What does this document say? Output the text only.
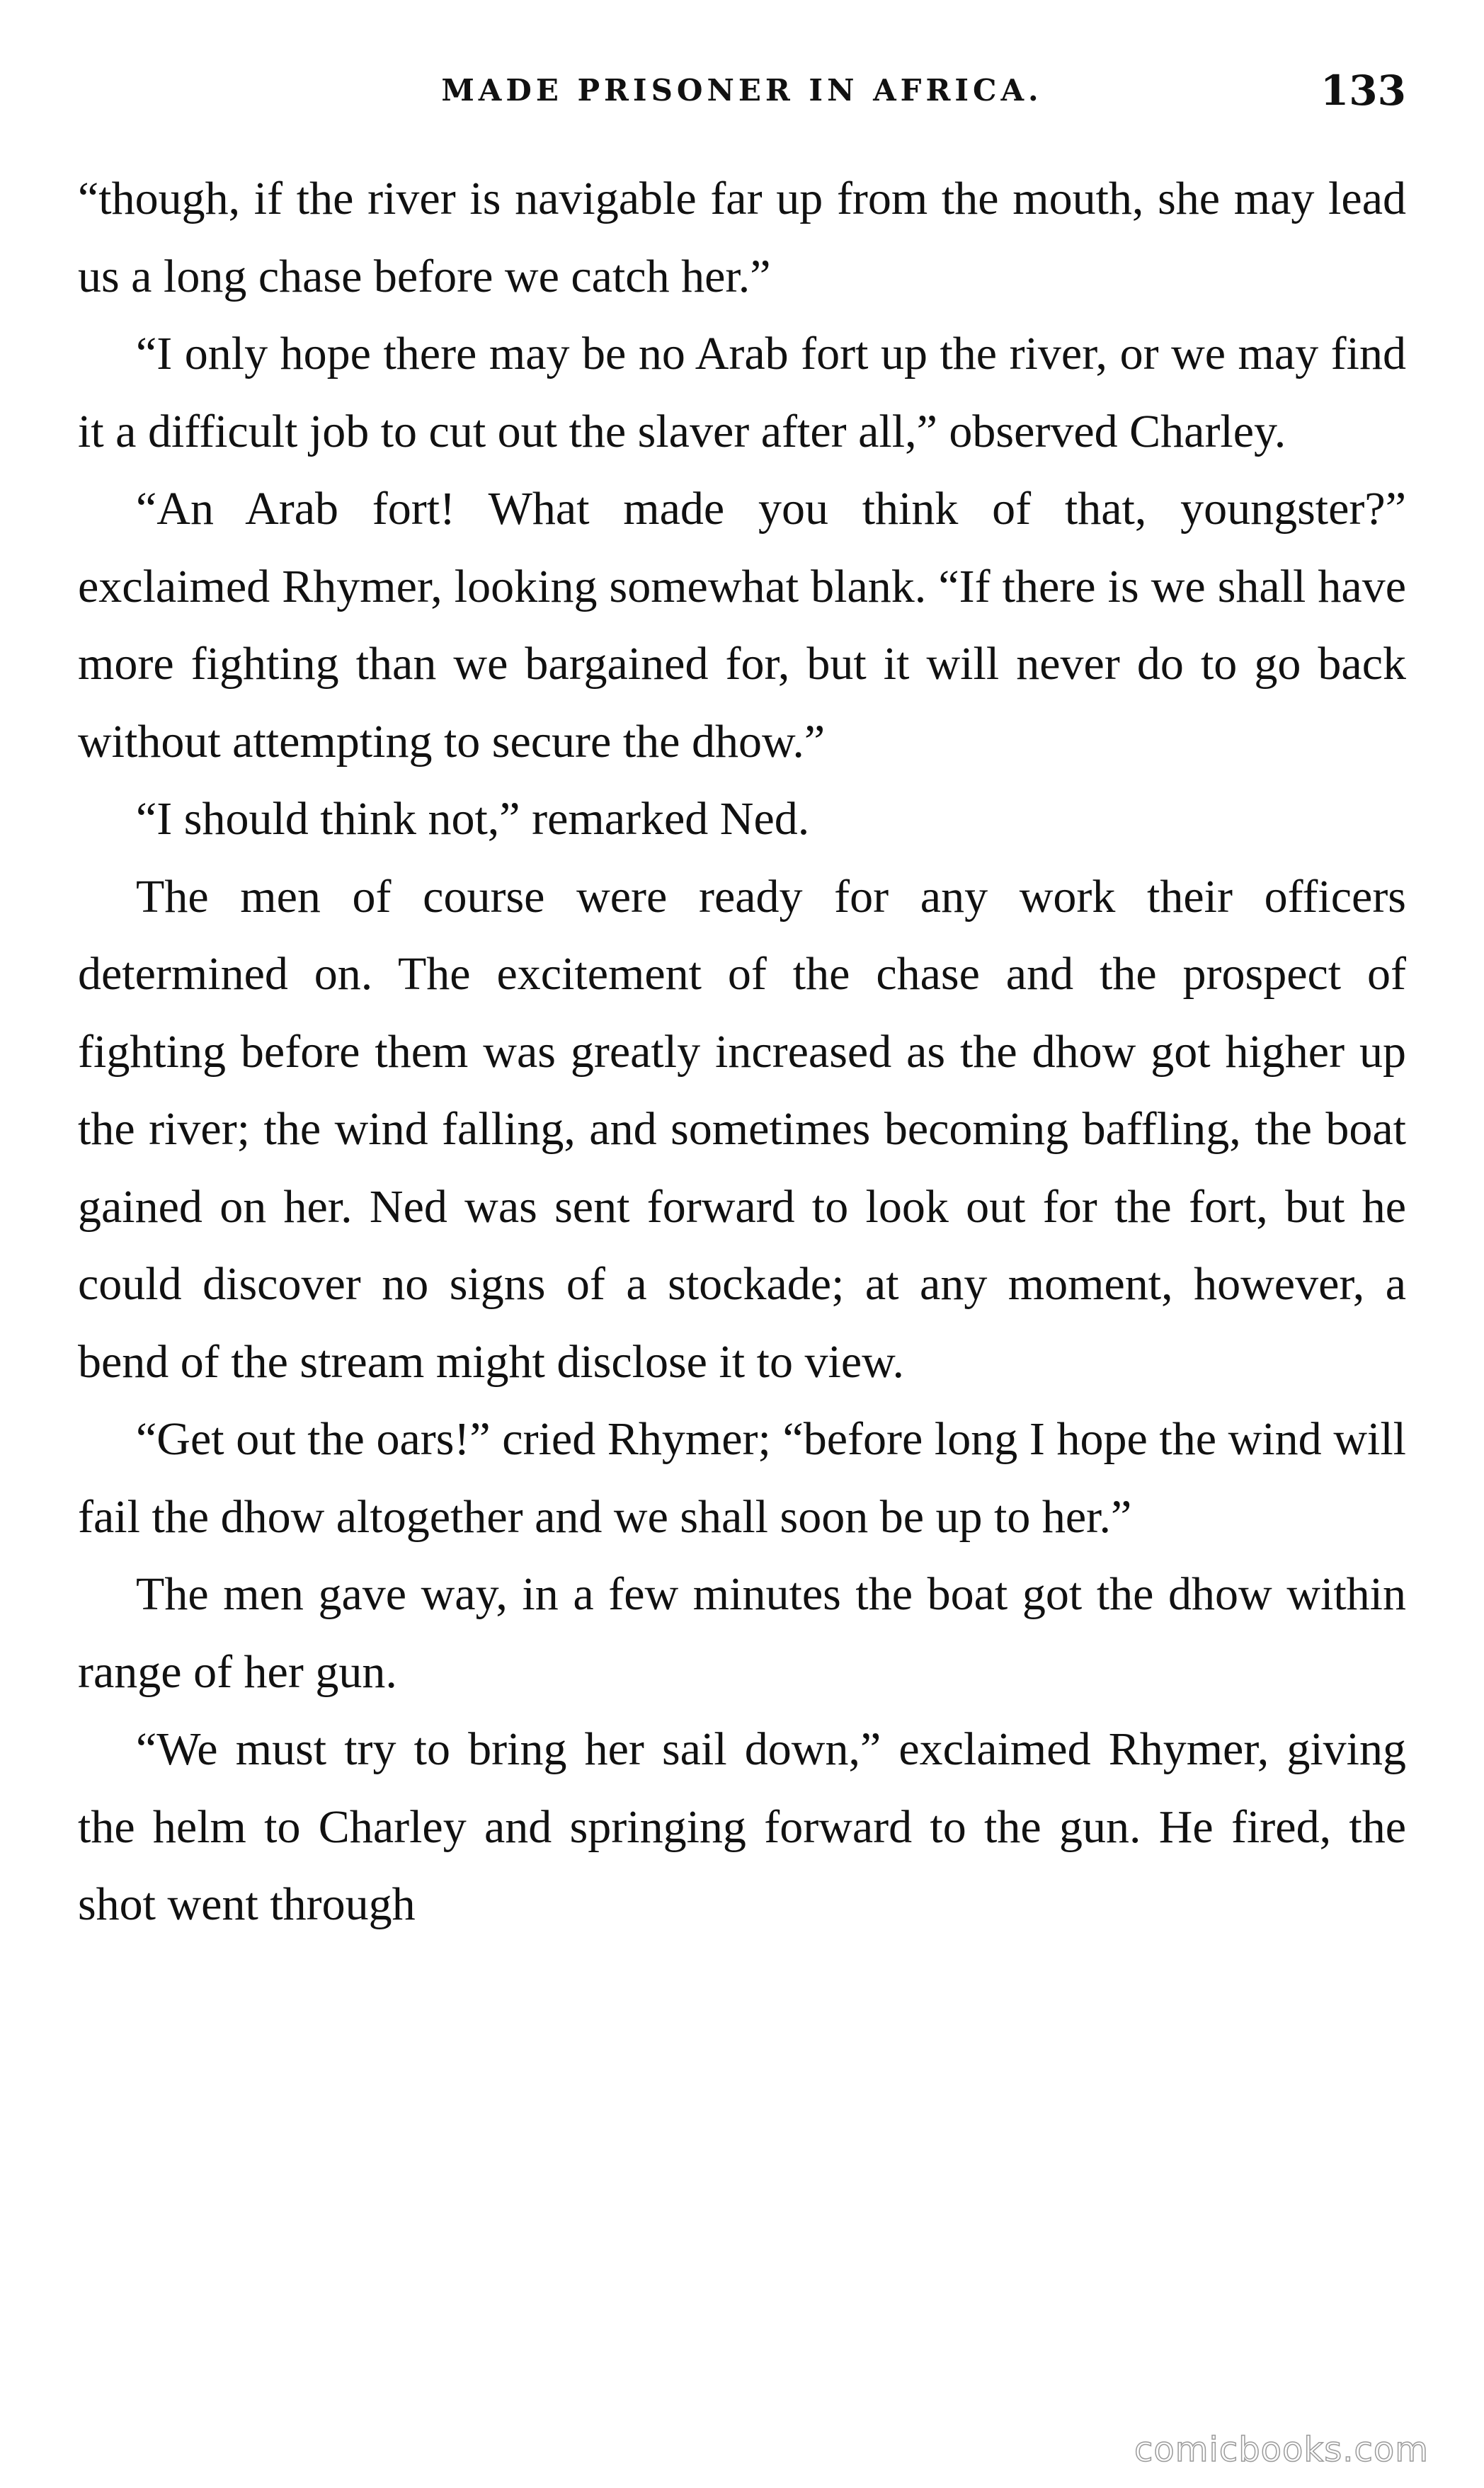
MADE PRISONER IN AFRICA.	133

“though, if the river is navigable far up from the mouth, she may lead us a long chase before we catch her.”

“I only hope there may be no Arab fort up the river, or we may find it a difficult job to cut out the slaver after all,” observed Charley.

“An Arab fort! What made you think of that, youngster?” exclaimed Rhymer, looking somewhat blank. “If there is we shall have more fighting than we bargained for, but it will never do to go back without attempting to secure the dhow.”

“I should think not,” remarked Ned.

The men of course were ready for any work their officers determined on. The excitement of the chase and the prospect of fighting before them was greatly increased as the dhow got higher up the river; the wind falling, and sometimes becoming baffling, the boat gained on her. Ned was sent forward to look out for the fort, but he could discover no signs of a stockade; at any moment, however, a bend of the stream might disclose it to view.

“Get out the oars!” cried Rhymer; “before long I hope the wind will fail the dhow altogether and we shall soon be up to her.”

The men gave way, in a few minutes the boat got the dhow within range of her gun.

“We must try to bring her sail down,” exclaimed Rhymer, giving the helm to Charley and springing forward to the gun. He fired, the shot went through

comicbooks.com
